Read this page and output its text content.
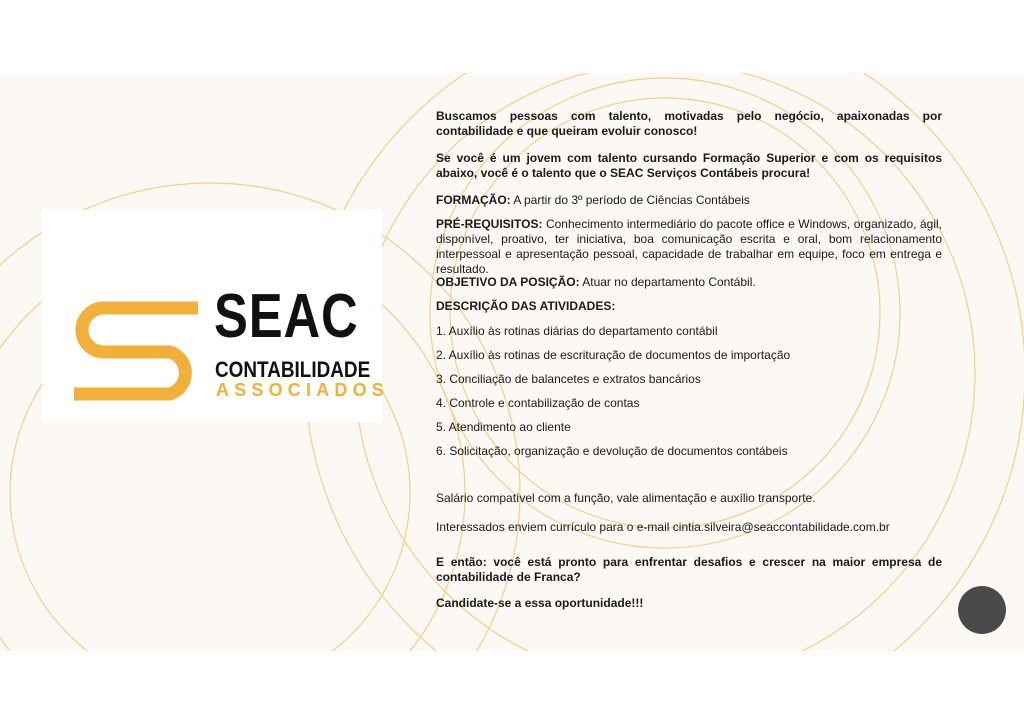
SEAC
CONTABILIDADE
ASSOCIADOS

Buscamos pessoas com talento, motivadas pelo negócio, apaixonadas por contabilidade e que queiram evoluir conosco!

Se você é um jovem com talento cursando Formação Superior e com os requisitos abaixo, você é o talento que o SEAC Serviços Contábeis procura!

FORMAÇÃO: A partir do 3º período de Ciências Contábeis

PRÉ-REQUISITOS: Conhecimento intermediário do pacote office e Windows, organizado, ágil, disponível, proativo, ter iniciativa, boa comunicação escrita e oral, bom relacionamento interpessoal e apresentação pessoal, capacidade de trabalhar em equipe, foco em entrega e resultado.

OBJETIVO DA POSIÇÃO: Atuar no departamento Contábil.

DESCRIÇÃO DAS ATIVIDADES:

1. Auxílio às rotinas diárias do departamento contábil

2. Auxílio às rotinas de escrituração de documentos de importação

3. Conciliação de balancetes e extratos bancários

4. Controle e contabilização de contas

5. Atendimento ao cliente

6. Solicitação, organização e devolução de documentos contábeis

Salário compatível com a função, vale alimentação e auxílio transporte.

Interessados enviem currículo para o e-mail cintia.silveira@seaccontabilidade.com.br

E então: você está pronto para enfrentar desafios e crescer na maior empresa de contabilidade de Franca?

Candidate-se a essa oportunidade!!!
